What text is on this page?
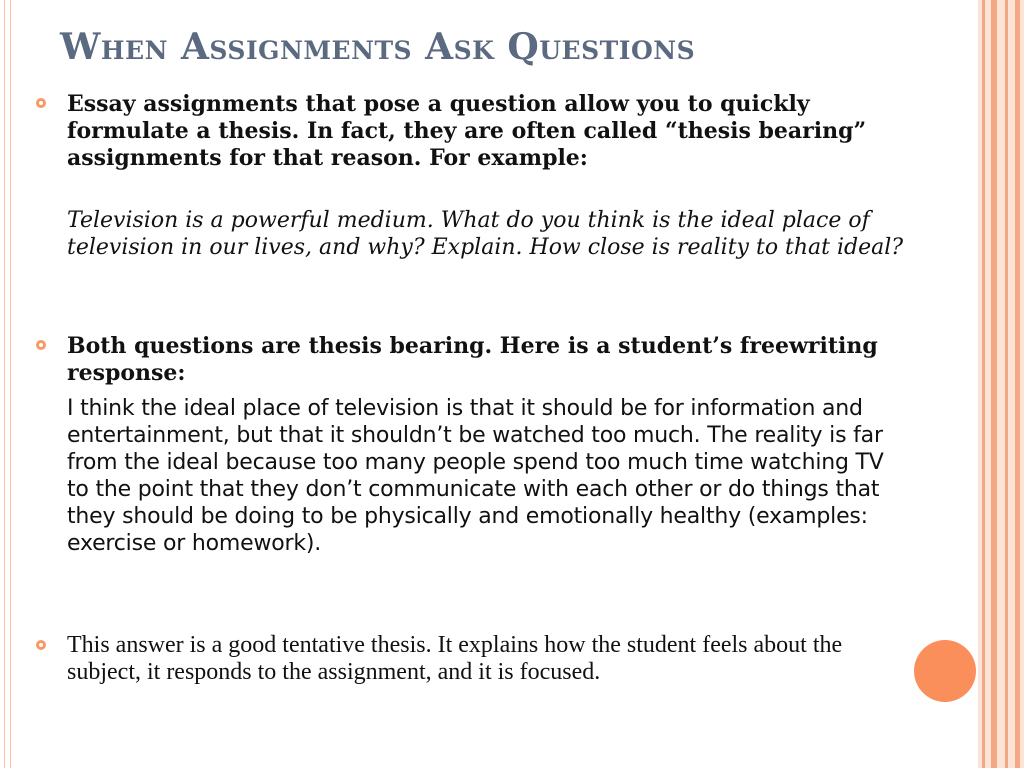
When Assignments Ask Questions

Essay assignments that pose a question allow you to quickly formulate a thesis. In fact, they are often called “thesis bearing” assignments for that reason. For example:

Television is a powerful medium. What do you think is the ideal place of television in our lives, and why? Explain. How close is reality to that ideal?

Both questions are thesis bearing. Here is a student’s freewriting response:

I think the ideal place of television is that it should be for information and entertainment, but that it shouldn’t be watched too much. The reality is far from the ideal because too many people spend too much time watching TV to the point that they don’t communicate with each other or do things that they should be doing to be physically and emotionally healthy (examples: exercise or homework).

This answer is a good tentative thesis. It explains how the student feels about the subject, it responds to the assignment, and it is focused.
